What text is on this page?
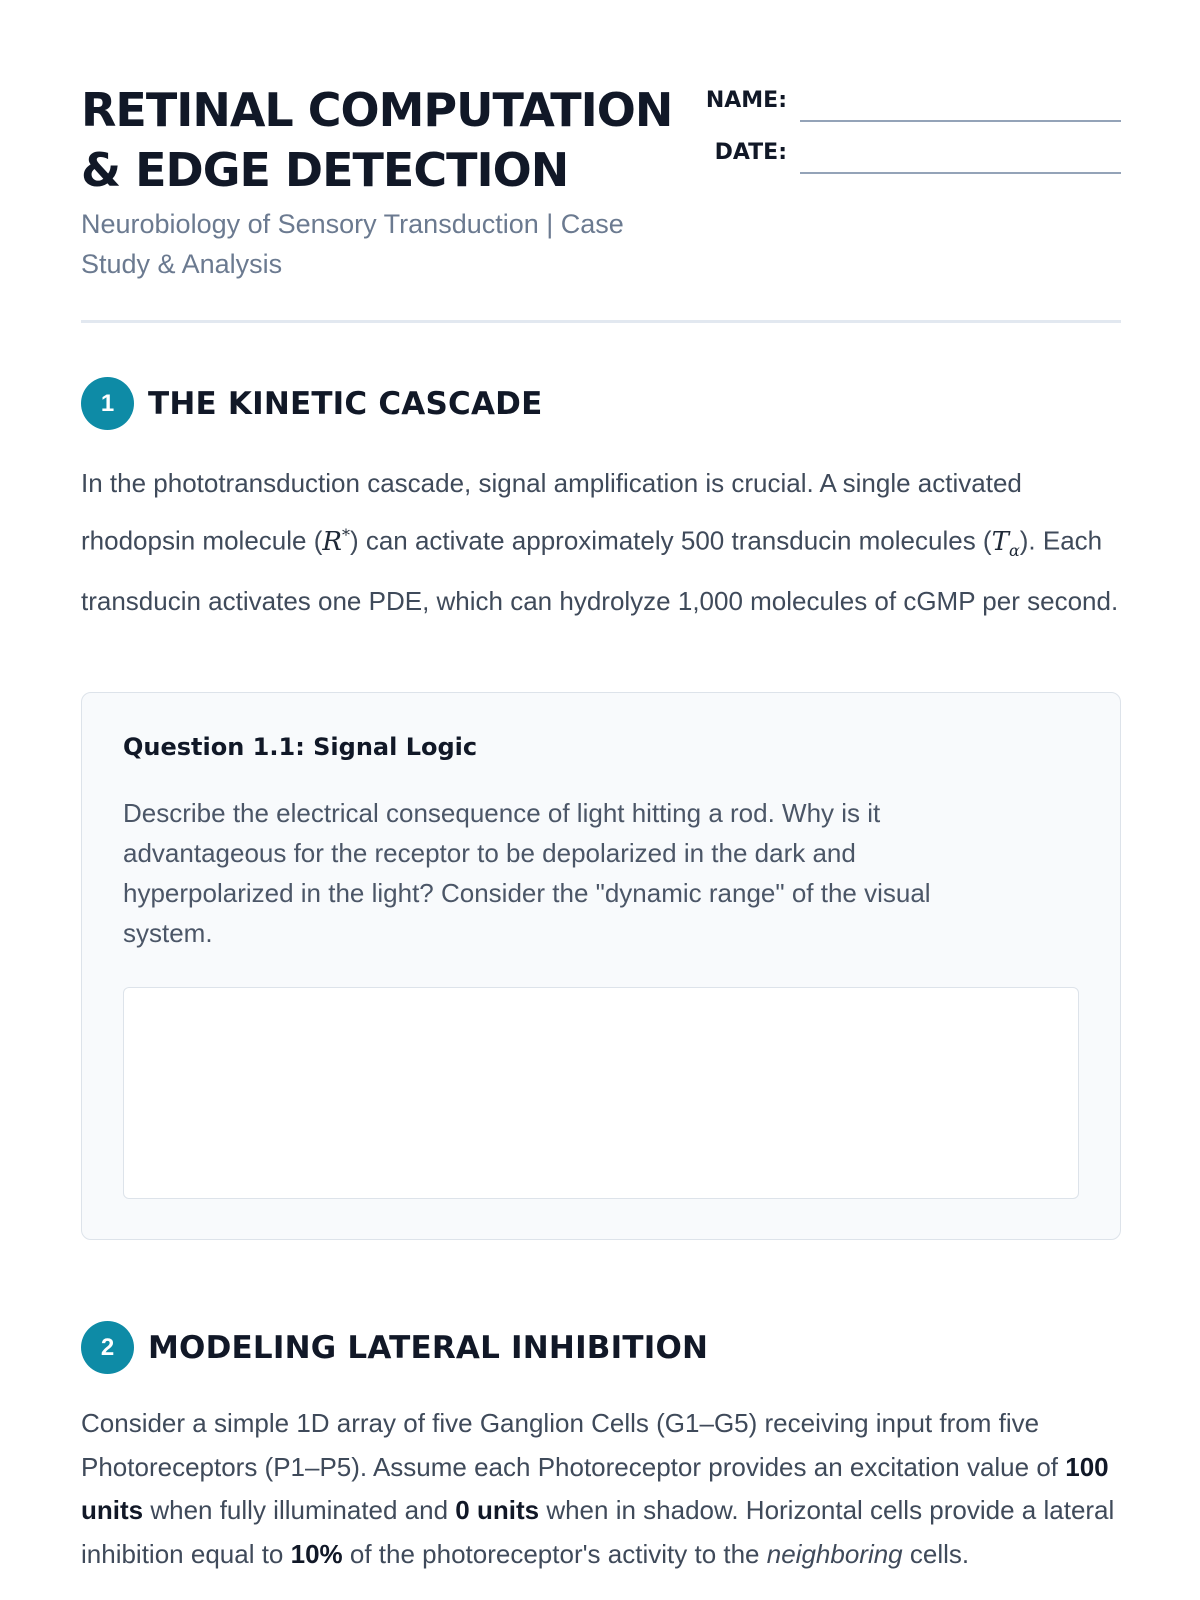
RETINAL COMPUTATION
& EDGE DETECTION
Neurobiology of Sensory Transduction | Case Study & Analysis
NAME:
DATE:
1	THE KINETIC CASCADE
In the phototransduction cascade, signal amplification is crucial. A single activated rhodopsin molecule (R*) can activate approximately 500 transducin molecules $(T_\alpha)$. Each transducin activates one PDE, which can hydrolyze 1,000 molecules of cGMP per second.
Question 1.1: Signal Logic
Describe the electrical consequence of light hitting a rod. Why is it advantageous for the receptor to be depolarized in the dark and hyperpolarized in the light? Consider the "dynamic range" of the visual system.
2	MODELING LATERAL INHIBITION
Consider a simple 1D array of five Ganglion Cells (G1–G5) receiving input from five Photoreceptors (P1–P5). Assume each Photoreceptor provides an excitation value of 100 units when fully illuminated and 0 units when in shadow. Horizontal cells provide a lateral inhibition equal to 10% of the photoreceptor's activity to the neighboring cells.
